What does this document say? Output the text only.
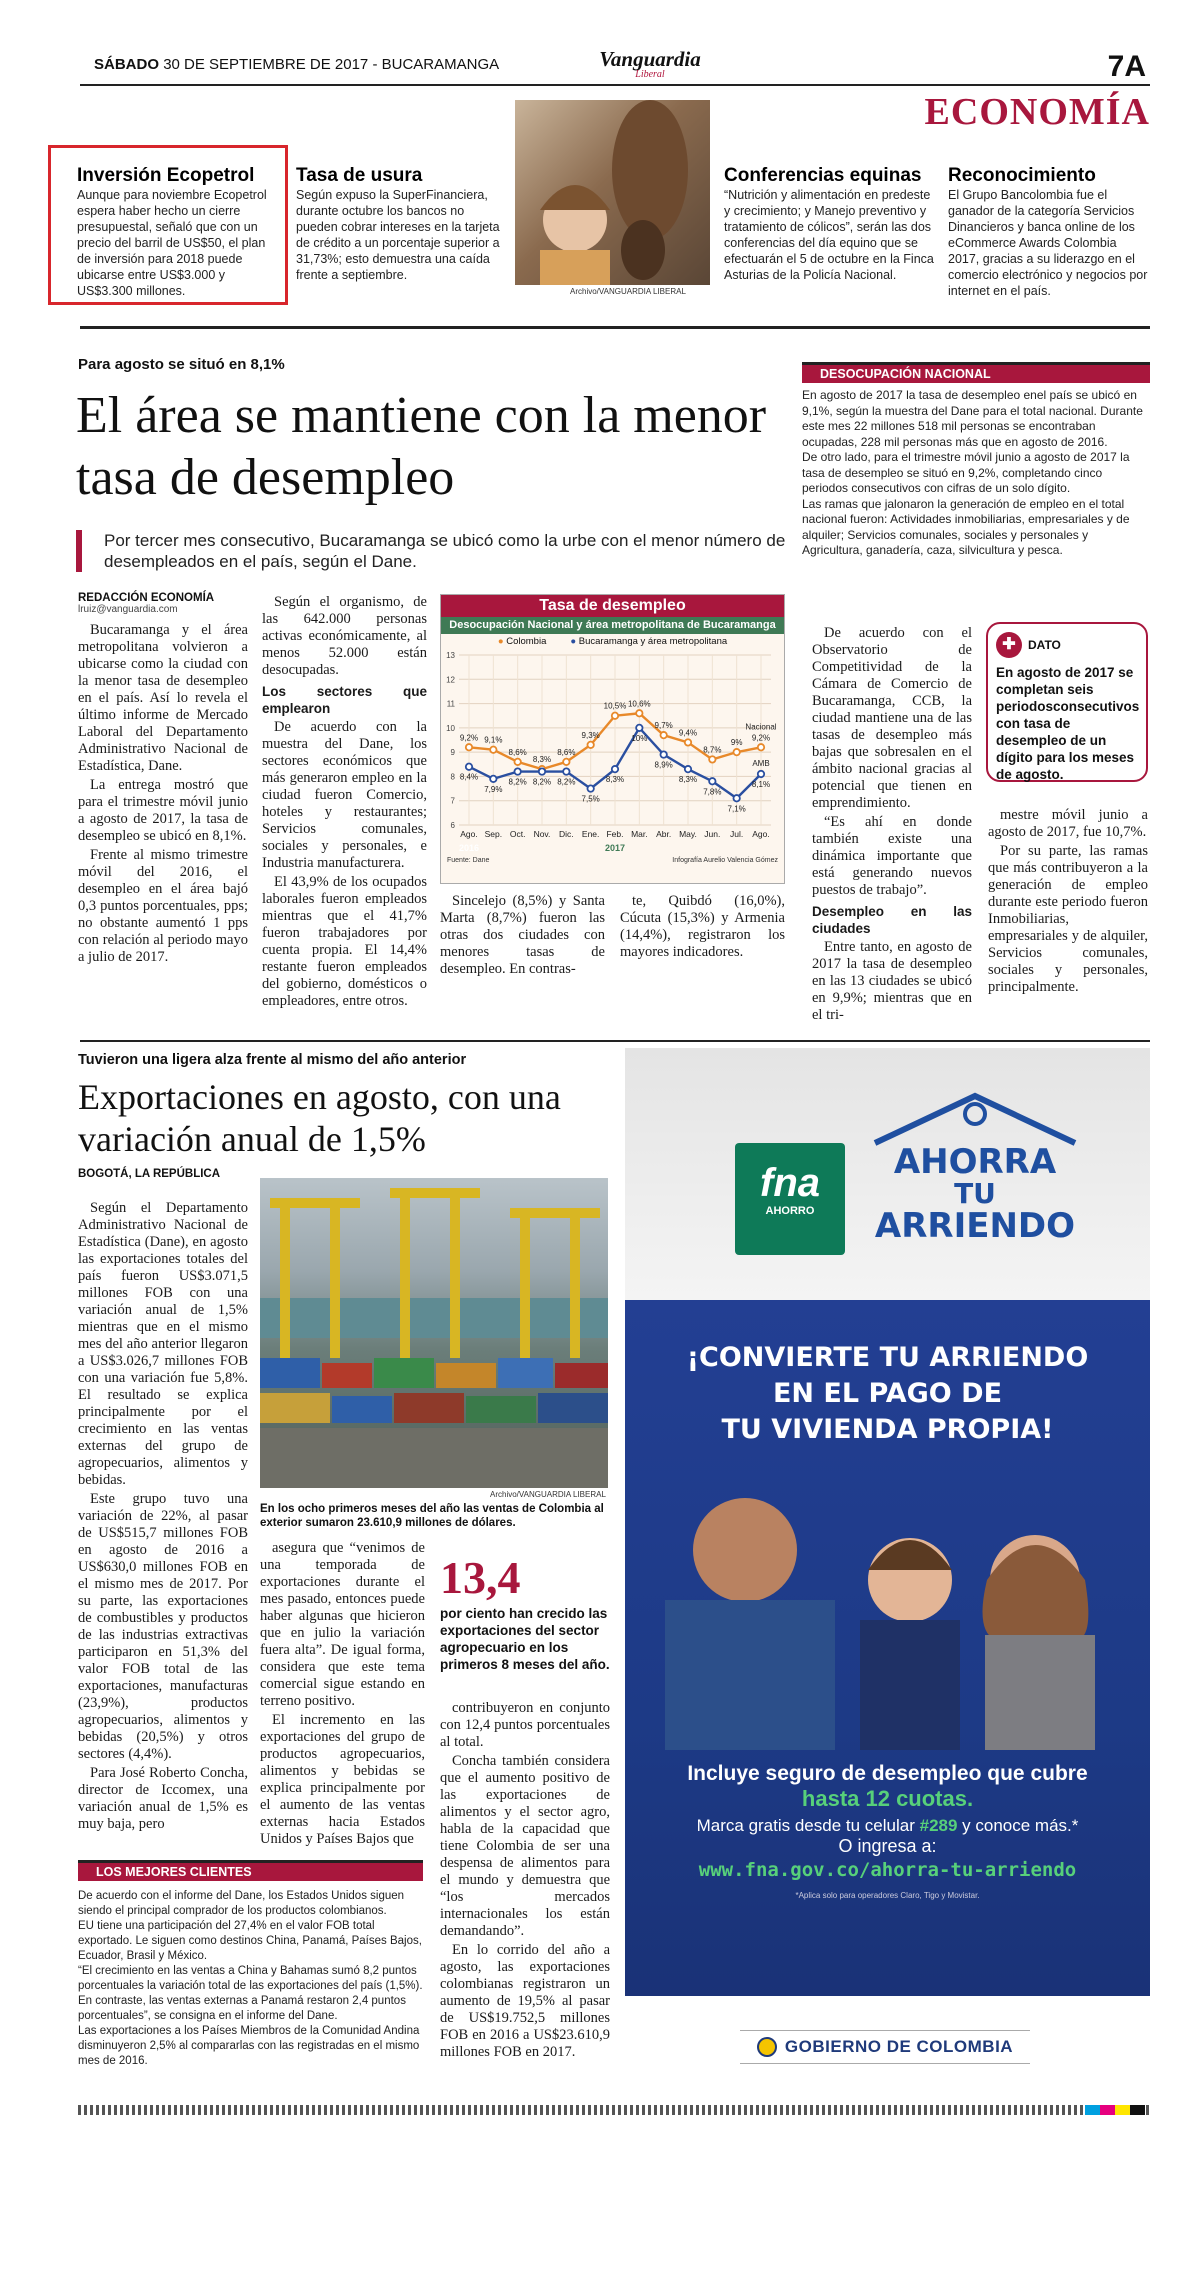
SÁBADO 30 DE SEPTIEMBRE DE 2017 - BUCARAMANGA	Vanguardia
Liberal	7A
ECONOMÍA
Inversión Ecopetrol
Aunque para noviembre Ecopetrol espera haber hecho un cierre presupuestal, señaló que con un precio del barril de US$50, el plan de inversión para 2018 puede ubicarse entre US$3.000 y US$3.300 millones.
Tasa de usura
Según expuso la SuperFinanciera, durante octubre los bancos no pueden cobrar intereses en la tarjeta de crédito a un porcentaje superior a 31,73%; esto demuestra una caída frente a septiembre.
Archivo/VANGUARDIA LIBERAL
Conferencias equinas
“Nutrición y alimentación en predeste y crecimiento; y Manejo preventivo y tratamiento de cólicos”, serán las dos conferencias del día equino que se efectuarán el 5 de octubre en la Finca Asturias de la Policía Nacional.
Reconocimiento
El Grupo Bancolombia fue el ganador de la categoría Servicios Dinancieros y banca online de los eCommerce Awards Colombia 2017, gracias a su liderazgo en el comercio electrónico y negocios por internet en el país.
Para agosto se situó en 8,1%
El área se mantiene con la menor tasa de desempleo
Por tercer mes consecutivo, Bucaramanga se ubicó como la urbe con el menor número de desempleados en el país, según el Dane.
REDACCIÓN ECONOMÍA
lruiz@vanguardia.com

Bucaramanga y el área metropolitana volvieron a ubicarse como la ciudad con la menor tasa de desempleo en el país. Así lo revela el último informe de Mercado Laboral del Departamento Administrativo Nacional de Estadística, Dane.

La entrega mostró que para el trimestre móvil junio a agosto de 2017, la tasa de desempleo se ubicó en 8,1%.

Frente al mismo trimestre móvil del 2016, el desempleo en el área bajó 0,3 puntos porcentuales, pps; no obstante aumentó 1 pps con relación al periodo mayo a julio de 2017.

Según el organismo, de las 642.000 personas activas económicamente, al menos 52.000 están desocupadas.

Los sectores que emplearon

De acuerdo con la muestra del Dane, los sectores económicos que más generaron empleo en la ciudad fueron Comercio, hoteles y restaurantes; Servicios comunales, sociales y personales, e Industria manufacturera.

El 43,9% de los ocupados laborales fueron empleados mientras que el 41,7% fueron trabajadores por cuenta propia. El 14,4% restante fueron empleados del gobierno, domésticos o empleadores, entre otros.

Tasa de desempleo
Desocupación Nacional y área metropolitana de Bucaramanga
● Colombia	● Bucaramanga y área metropolitana
6
7
8
9
10
11
12
13
Ago. Sep. Oct. Nov. Dic. Ene. Feb. Mar. Abr. May. Jun. Jul. Ago.
2016	2017
9,2% 9,1%
8,6%
8,3%
8,6%
9,3%
10,5% 10,6%
9,7%
9,4%
8,7%
9%
9,2%
8,4%
7,9%
8,2% 8,2% 8,2%
7,5%
8,3%
10%
8,9%
8,3%
7,8%
7,1%
8,1%
Nacional
AMB
Fuente: Dane	Infografía Aurelio Valencia Gómez

Sincelejo (8,5%) y Santa Marta (8,7%) fueron las otras dos ciudades con menores tasas de desempleo. En contras-

te, Quibdó (16,0%), Cúcuta (15,3%) y Armenia (14,4%), registraron los mayores indicadores.

DESOCUPACIÓN NACIONAL
En agosto de 2017 la tasa de desempleo enel país se ubicó en 9,1%, según la muestra del Dane para el total nacional. Durante este mes 22 millones 518 mil personas se encontraban ocupadas, 228 mil personas más que en agosto de 2016.
De otro lado, para el trimestre móvil junio a agosto de 2017 la tasa de desempleo se situó en 9,2%, completando cinco periodos consecutivos con cifras de un solo dígito.
Las ramas que jalonaron la generación de empleo en el total nacional fueron: Actividades inmobiliarias, empresariales y de alquiler; Servicios comunales, sociales y personales y Agricultura, ganadería, caza, silvicultura y pesca.

De acuerdo con el Observatorio de Competitividad de la Cámara de Comercio de Bucaramanga, CCB, la ciudad mantiene una de las tasas de desempleo más bajas que sobresalen en el ámbito nacional gracias al potencial que tienen en emprendimiento.

“Es ahí en donde también existe una dinámica importante que está generando nuevos puestos de trabajo”.

Desempleo en las ciudades

Entre tanto, en agosto de 2017 la tasa de desempleo en las 13 ciudades se ubicó en 9,9%; mientras que en el tri-

✚	DATO
En agosto de 2017 se completan seis periodosconsecutivos con tasa de desempleo de un dígito para los meses de agosto.

mestre móvil junio a agosto de 2017, fue 10,7%.

Por su parte, las ramas que más contribuyeron a la generación de empleo durante este periodo fueron Inmobiliarias, empresariales y de alquiler, Servicios comunales, sociales y personales, principalmente.

Tuvieron una ligera alza frente al mismo del año anterior
Exportaciones en agosto, con una variación anual de 1,5%
BOGOTÁ, LA REPÚBLICA

Según el Departamento Administrativo Nacional de Estadística (Dane), en agosto las exportaciones totales del país fueron US$3.071,5 millones FOB con una variación anual de 1,5% mientras que en el mismo mes del año anterior llegaron a US$3.026,7 millones FOB con una variación fue 5,8%. El resultado se explica principalmente por el crecimiento en las ventas externas del grupo de agropecuarios, alimentos y bebidas.

Este grupo tuvo una variación de 22%, al pasar de US$515,7 millones FOB en agosto de 2016 a US$630,0 millones FOB en el mismo mes de 2017. Por su parte, las exportaciones de combustibles y productos de las industrias extractivas participaron en 51,3% del valor FOB total de las exportaciones, manufacturas (23,9%), productos agropecuarios, alimentos y bebidas (20,5%) y otros sectores (4,4%).

Para José Roberto Concha, director de Iccomex, una variación anual de 1,5% es muy baja, pero

Archivo/VANGUARDIA LIBERAL
En los ocho primeros meses del año las ventas de Colombia al exterior sumaron 23.610,9 millones de dólares.

asegura que “venimos de una temporada de exportaciones durante el mes pasado, entonces puede haber algunas que hicieron que en julio la variación fuera alta”. De igual forma, considera que este tema comercial sigue estando en terreno positivo.

El incremento en las exportaciones del grupo de productos agropecuarios, alimentos y bebidas se explica principalmente por el aumento de las ventas externas hacia Estados Unidos y Países Bajos que

13,4
por ciento han crecido las exportaciones del sector agropecuario en los primeros 8 meses del año.

contribuyeron en conjunto con 12,4 puntos porcentuales al total.

Concha también considera que el aumento positivo de las exportaciones de alimentos y el sector agro, habla de la capacidad que tiene Colombia de ser una despensa de alimentos para el mundo y demuestra que “los mercados internacionales los están demandando”.

En lo corrido del año a agosto, las exportaciones colombianas registraron un aumento de 19,5% al pasar de US$19.752,5 millones FOB en 2016 a US$23.610,9 millones FOB en 2017.

LOS MEJORES CLIENTES
De acuerdo con el informe del Dane, los Estados Unidos siguen siendo el principal comprador de los productos colombianos.
EU tiene una participación del 27,4% en el valor FOB total exportado. Le siguen como destinos China, Panamá, Países Bajos, Ecuador, Brasil y México.
“El crecimiento en las ventas a China y Bahamas sumó 8,2 puntos porcentuales la variación total de las exportaciones del país (1,5%). En contraste, las ventas externas a Panamá restaron 2,4 puntos porcentuales”, se consigna en el informe del Dane.
Las exportaciones a los Países Miembros de la Comunidad Andina disminuyeron 2,5% al compararlas con las registradas en el mismo mes de 2016.
fna
AHORRO
AHORRA
TU
ARRIENDO
¡CONVIERTE TU ARRIENDO
EN EL PAGO DE
TU VIVIENDA PROPIA!
Incluye seguro de desempleo que cubre
hasta 12 cuotas.
Marca gratis desde tu celular #289 y conoce más.*
O ingresa a:
www.fna.gov.co/ahorra-tu-arriendo
*Aplica solo para operadores Claro, Tigo y Movistar.
GOBIERNO DE COLOMBIA
